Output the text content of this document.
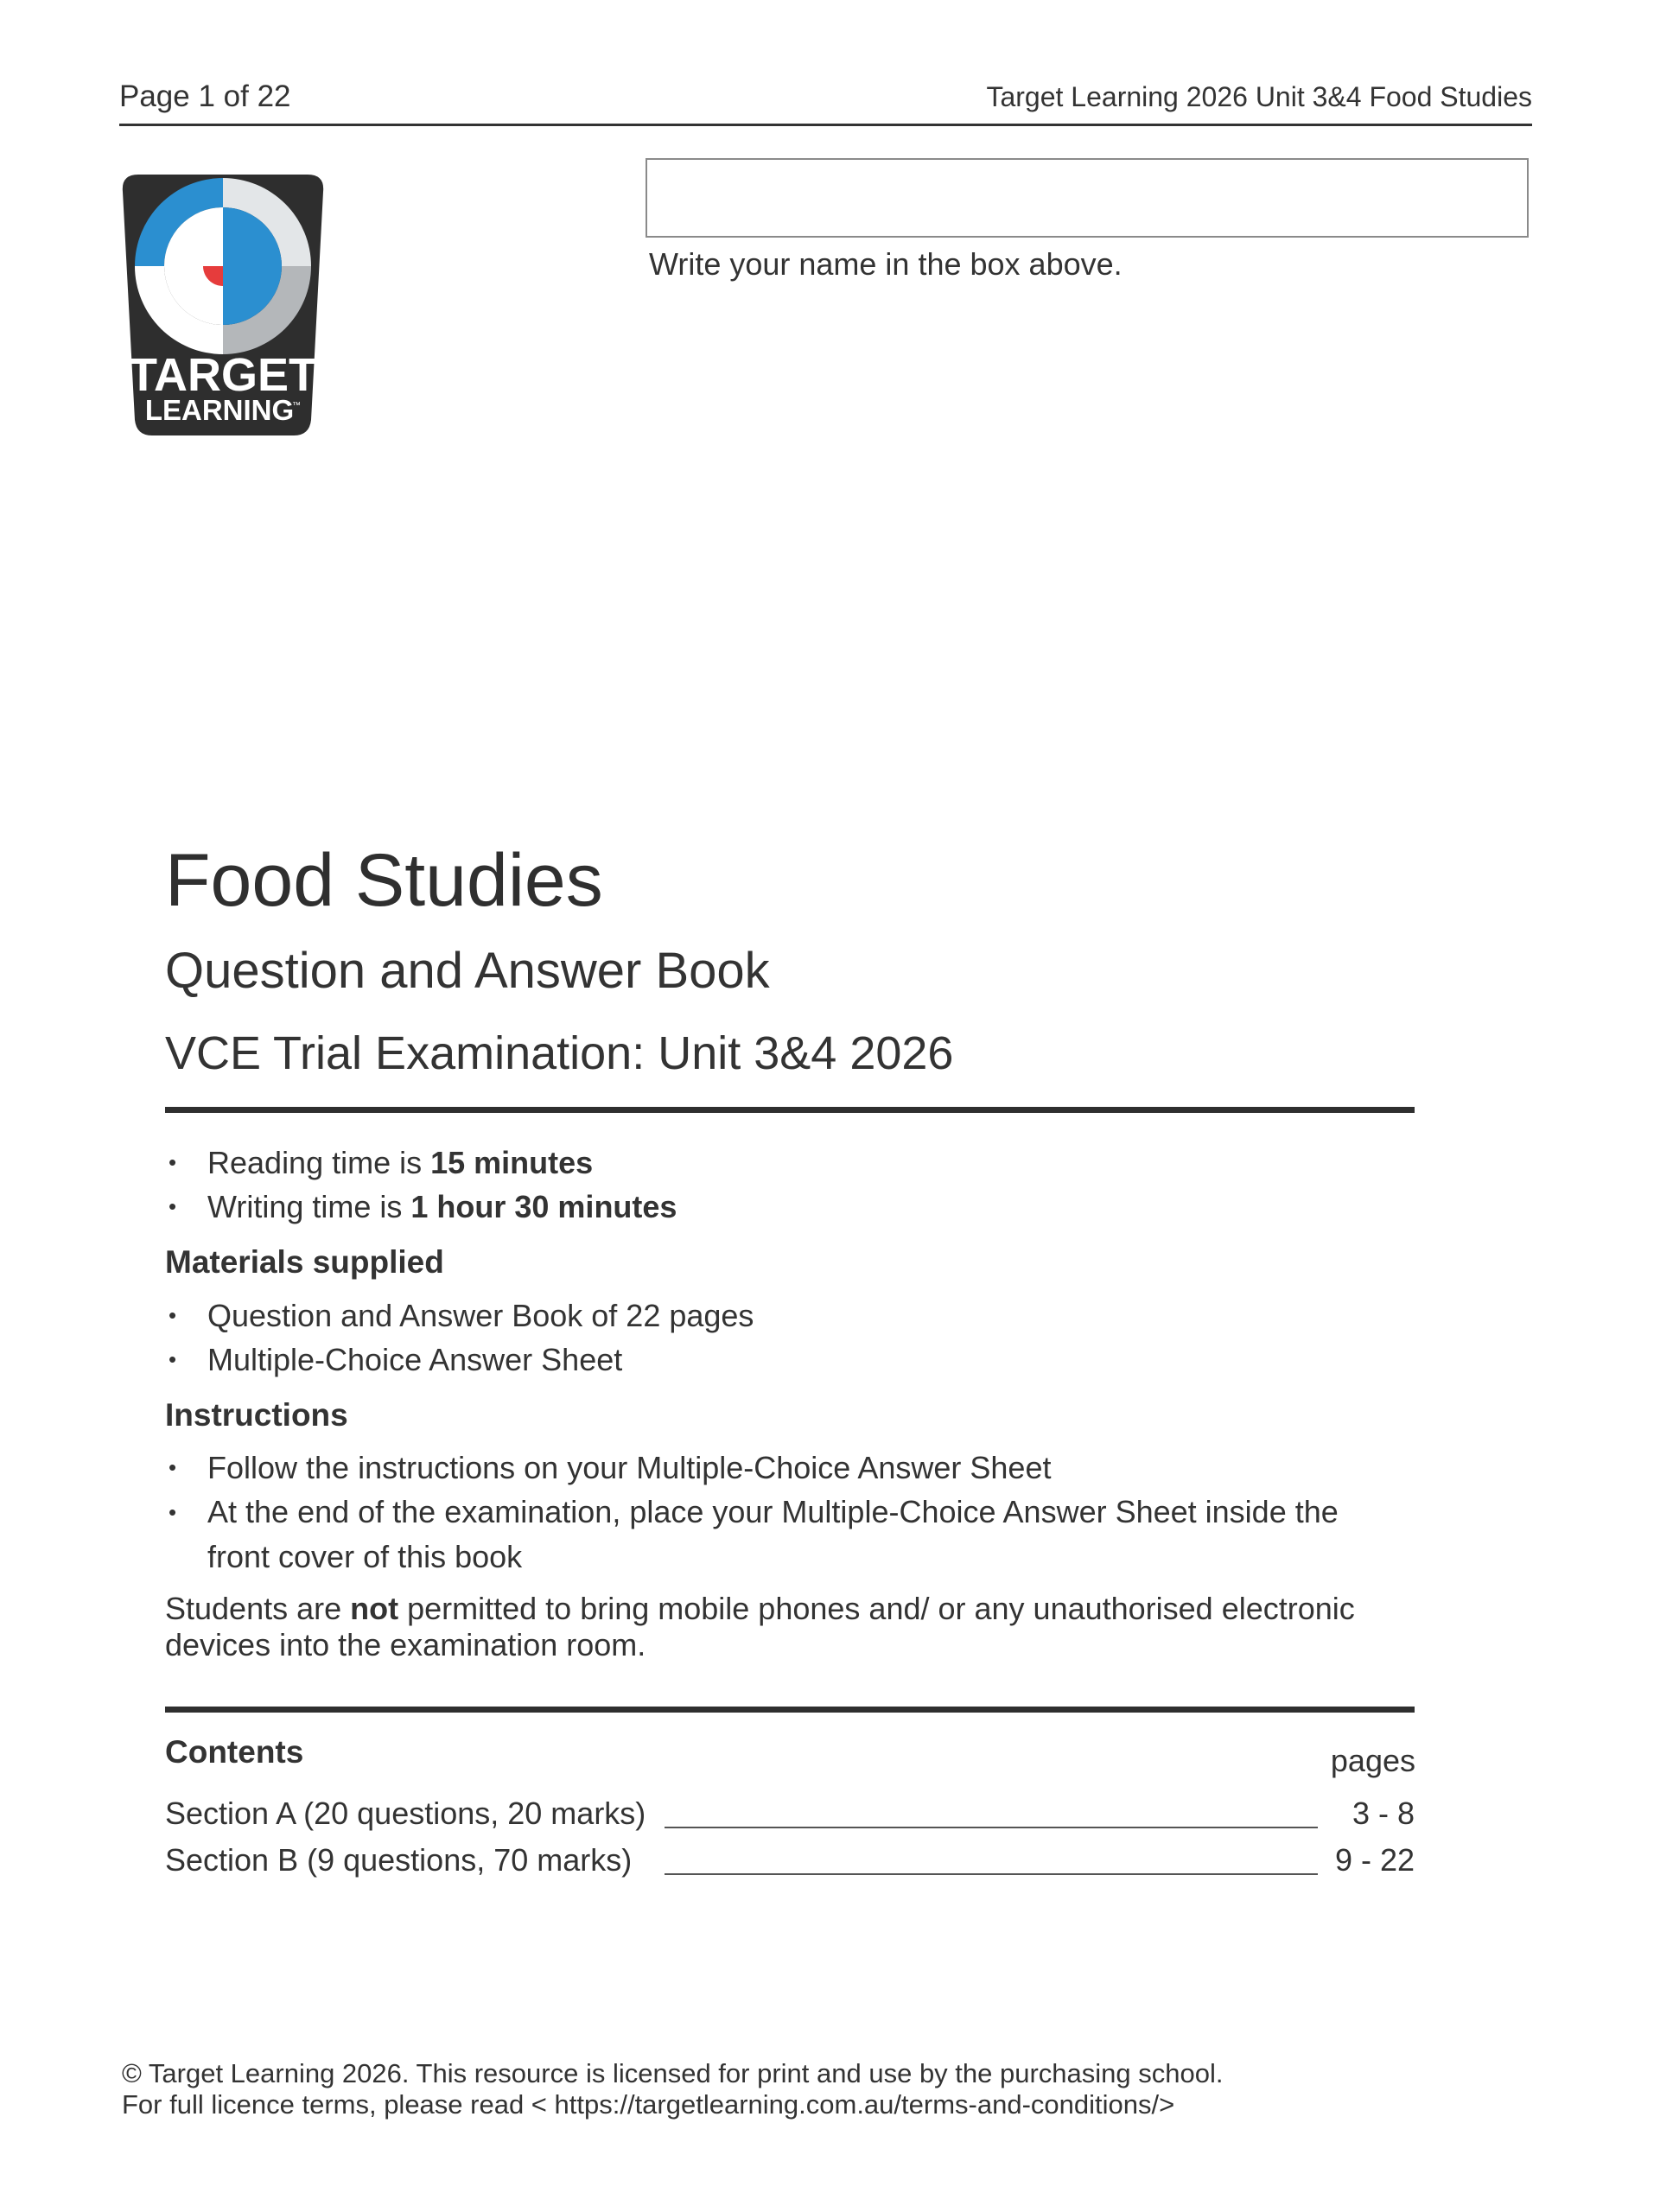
Page 1 of 22	Target Learning 2026 Unit 3&4 Food Studies
TARGET
LEARNING
™
Write your name in the box above.
Food Studies
Question and Answer Book
VCE Trial Examination: Unit 3&4 2026
• Reading time is 15 minutes
• Writing time is 1 hour 30 minutes
Materials supplied
• Question and Answer Book of 22 pages
• Multiple-Choice Answer Sheet
Instructions
• Follow the instructions on your Multiple-Choice Answer Sheet
• At the end of the examination, place your Multiple-Choice Answer Sheet inside the front cover of this book
Students are not permitted to bring mobile phones and/ or any unauthorised electronic devices into the examination room.
Contents	pages
Section A (20 questions, 20 marks)	3 - 8
Section B (9 questions, 70 marks)	9 - 22
© Target Learning 2026. This resource is licensed for print and use by the purchasing school.
For full licence terms, please read < https://targetlearning.com.au/terms-and-conditions/>
